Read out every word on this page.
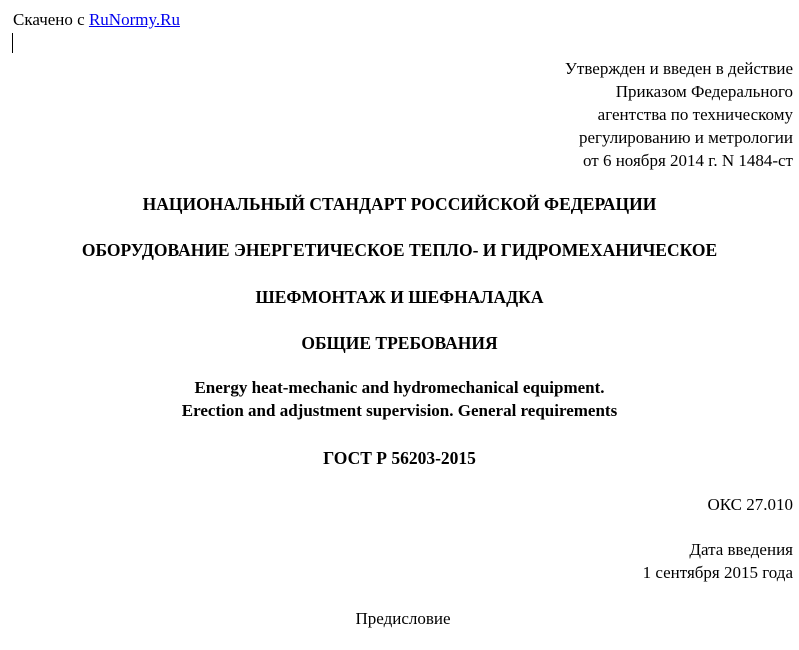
Скачено с RuNormy.Ru
Утвержден и введен в действие
Приказом Федерального
агентства по техническому
регулированию и метрологии
от 6 ноября 2014 г. N 1484-ст
НАЦИОНАЛЬНЫЙ СТАНДАРТ РОССИЙСКОЙ ФЕДЕРАЦИИ
ОБОРУДОВАНИЕ ЭНЕРГЕТИЧЕСКОЕ ТЕПЛО- И ГИДРОМЕХАНИЧЕСКОЕ
ШЕФМОНТАЖ И ШЕФНАЛАДКА
ОБЩИЕ ТРЕБОВАНИЯ
Energy heat-mechanic and hydromechanical equipment.
Erection and adjustment supervision. General requirements
ГОСТ Р 56203-2015
ОКС 27.010
Дата введения
1 сентября 2015 года
Предисловие
